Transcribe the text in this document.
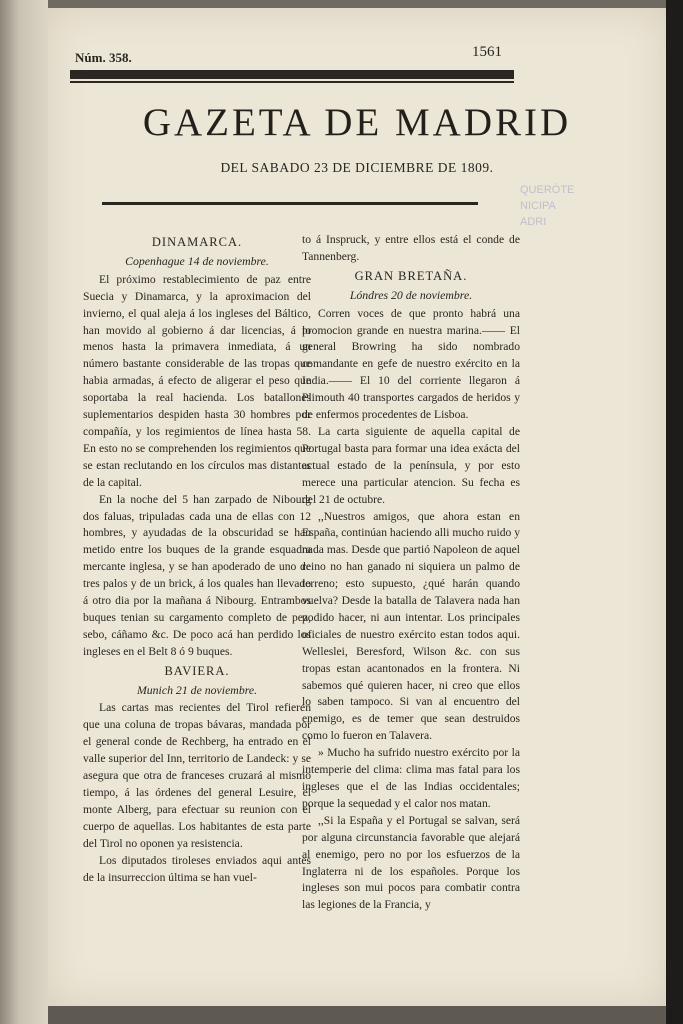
Núm. 358.	1561
GAZETA DE MADRID
DEL SABADO 23 DE DICIEMBRE DE 1809.
QUERÓTE
NICIPA
ADRI
DINAMARCA.
Copenhague 14 de noviembre.

El próximo restablecimiento de paz entre Suecia y Dinamarca, y la aproximacion del invierno, el qual aleja á los ingleses del Báltico, han movido al gobierno á dar licencias, á lo menos hasta la primavera inmediata, á un número bastante considerable de las tropas que habia armadas, á efecto de aligerar el peso que soportaba la real hacienda. Los batallones suplementarios despiden hasta 30 hombres por compañía, y los regimientos de línea hasta 58. En esto no se comprehenden los regimientos que se estan reclutando en los círculos mas distantes de la capital.

En la noche del 5 han zarpado de Nibourg dos faluas, tripuladas cada una de ellas con 12 hombres, y ayudadas de la obscuridad se han metido entre los buques de la grande esquadra mercante inglesa, y se han apoderado de uno de tres palos y de un brick, á los quales han llevado á otro dia por la mañana á Nibourg. Entrambos buques tenian su cargamento completo de pez, sebo, cáñamo &c. De poco acá han perdido los ingleses en el Belt 8 ó 9 buques.

BAVIERA.
Munich 21 de noviembre.

Las cartas mas recientes del Tirol refieren que una coluna de tropas bávaras, mandada por el general conde de Rechberg, ha entrado en el valle superior del Inn, territorio de Landeck: y se asegura que otra de franceses cruzará al mismo tiempo, á las órdenes del general Lesuire, el monte Alberg, para efectuar su reunion con el cuerpo de aquellas. Los habitantes de esta parte del Tirol no oponen ya resistencia.

Los diputados tiroleses enviados aqui antes de la insurreccion última se han vuel-

to á Inspruck, y entre ellos está el conde de Tannenberg.

GRAN BRETAÑA.
Lóndres 20 de noviembre.

Corren voces de que pronto habrá una promocion grande en nuestra marina.—— El general Browring ha sido nombrado comandante en gefe de nuestro exército en la India.—— El 10 del corriente llegaron á Plimouth 40 transportes cargados de heridos y de enfermos procedentes de Lisboa.

La carta siguiente de aquella capital de Portugal basta para formar una idea exácta del actual estado de la península, y por esto merece una particular atencion. Su fecha es del 21 de octubre.

,,Nuestros amigos, que ahora estan en España, continúan haciendo alli mucho ruido y nada mas. Desde que partió Napoleon de aquel reino no han ganado ni siquiera un palmo de terreno; esto supuesto, ¿qué harán quando vuelva? Desde la batalla de Talavera nada han podido hacer, ni aun intentar. Los principales oficiales de nuestro exército estan todos aqui. Welleslei, Beresford, Wilson &c. con sus tropas estan acantonados en la frontera. Ni sabemos qué quieren hacer, ni creo que ellos lo saben tampoco. Si van al encuentro del enemigo, es de temer que sean destruidos como lo fueron en Talavera.

» Mucho ha sufrido nuestro exército por la intemperie del clima: clima mas fatal para los ingleses que el de las Indias occidentales; porque la sequedad y el calor nos matan.

,,Si la España y el Portugal se salvan, será por alguna circunstancia favorable que alejará al enemigo, pero no por los esfuerzos de la Inglaterra ni de los españoles. Porque los ingleses son mui pocos para combatir contra las legiones de la Francia, y
